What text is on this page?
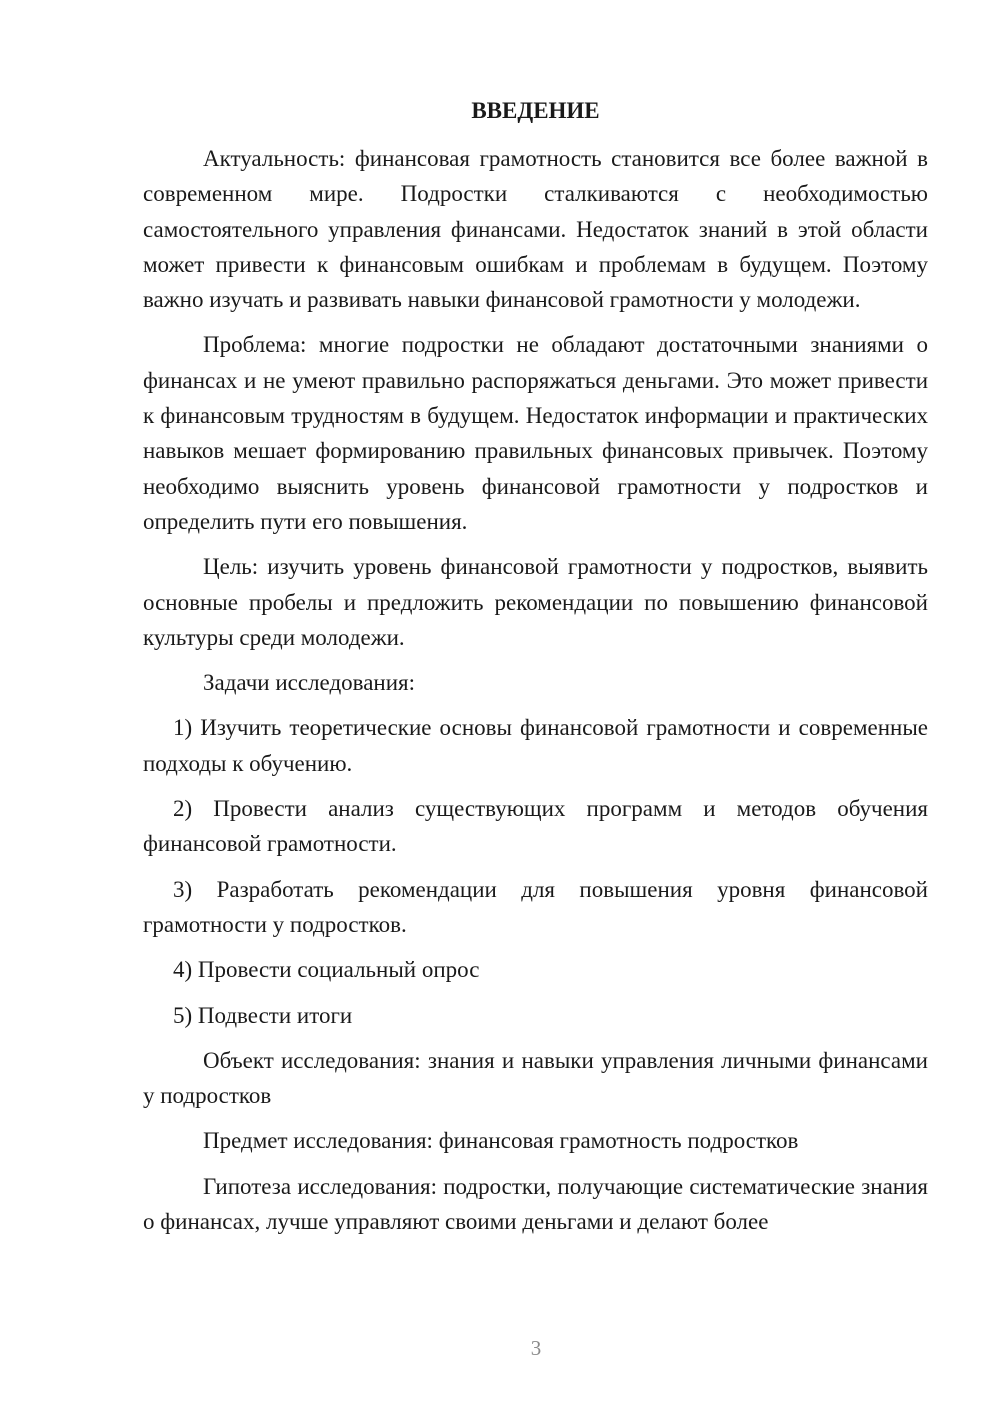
ВВЕДЕНИЕ

Актуальность: финансовая грамотность становится все более важной в современном мире. Подростки сталкиваются с необходимостью самостоятельного управления финансами. Недостаток знаний в этой области может привести к финансовым ошибкам и проблемам в будущем. Поэтому важно изучать и развивать навыки финансовой грамотности у молодежи.

Проблема: многие подростки не обладают достаточными знаниями о финансах и не умеют правильно распоряжаться деньгами. Это может привести к финансовым трудностям в будущем. Недостаток информации и практических навыков мешает формированию правильных финансовых привычек. Поэтому необходимо выяснить уровень финансовой грамотности у подростков и определить пути его повышения.

Цель: изучить уровень финансовой грамотности у подростков, выявить основные пробелы и предложить рекомендации по повышению финансовой культуры среди молодежи.

Задачи исследования:

1) Изучить теоретические основы финансовой грамотности и современные подходы к обучению.

2) Провести анализ существующих программ и методов обучения финансовой грамотности.

3) Разработать рекомендации для повышения уровня финансовой грамотности у подростков.

4) Провести социальный опрос

5) Подвести итоги

Объект исследования: знания и навыки управления личными финансами у подростков

Предмет исследования: финансовая грамотность подростков

Гипотеза исследования: подростки, получающие систематические знания о финансах, лучше управляют своими деньгами и делают более

3
